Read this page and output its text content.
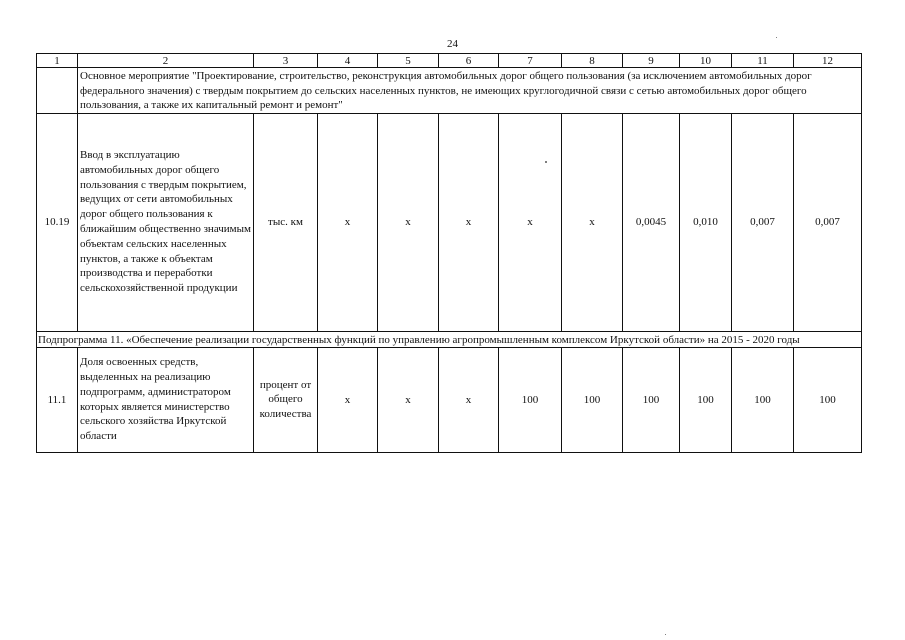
24
1	2	3	4	5	6	7	8	9	10	11	12
	Основное мероприятие "Проектирование, строительство, реконструкция автомобильных дорог общего пользования (за исключением автомобильных дорог федерального значения) с твердым покрытием до сельских населенных пунктов, не имеющих круглогодичной связи с сетью автомобильных дорог общего пользования, а также их капитальный ремонт и ремонт"										
10.19	Ввод в эксплуатацию автомобильных дорог общего пользования с твердым покрытием, ведущих от сети автомобильных дорог общего пользования к ближайшим общественно значимым объектам сельских населенных пунктов, а также к объектам производства и переработки сельскохозяйственной продукции	тыс. км	x	x	x	x	x	0,0045	0,010	0,007	0,007
Подпрограмма 11. «Обеспечение реализации государственных функций по управлению агропромышленным комплексом Иркутской области» на 2015 - 2020 годы											
11.1	Доля освоенных средств, выделенных на реализацию подпрограмм, администратором которых является министерство сельского хозяйства Иркутской области	процент от общего количества	x	x	x	100	100	100	100	100	100
